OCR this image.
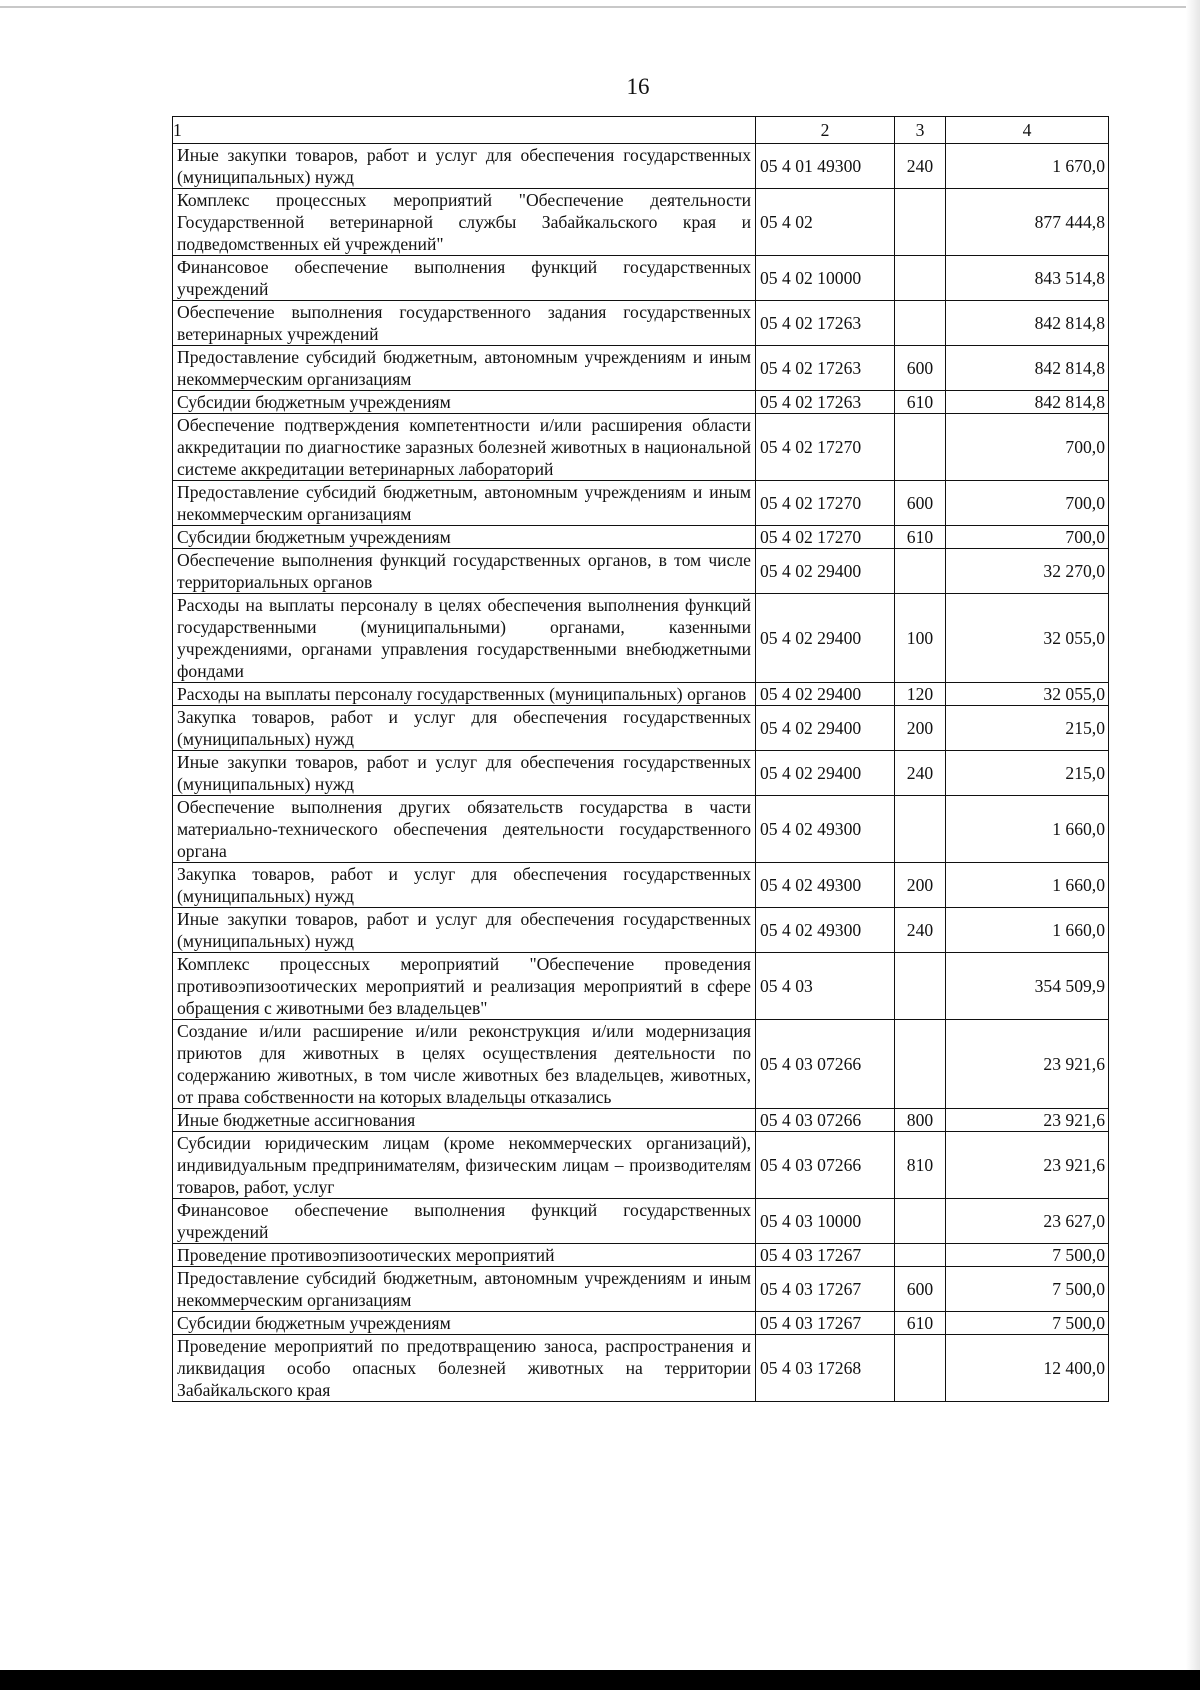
16
1	2	3	4
Иные закупки товаров, работ и услуг для обеспечения государственных (муниципальных) нужд	05 4 01 49300	240	1 670,0
Комплекс процессных мероприятий "Обеспечение деятельности Государственной ветеринарной службы Забайкальского края и подведомственных ей учреждений"	05 4 02		877 444,8
Финансовое обеспечение выполнения функций государственных учреждений	05 4 02 10000		843 514,8
Обеспечение выполнения государственного задания государственных ветеринарных учреждений	05 4 02 17263		842 814,8
Предоставление субсидий бюджетным, автономным учреждениям и иным некоммерческим организациям	05 4 02 17263	600	842 814,8
Субсидии бюджетным учреждениям	05 4 02 17263	610	842 814,8
Обеспечение подтверждения компетентности и/или расширения области аккредитации по диагностике заразных болезней животных в национальной системе аккредитации ветеринарных лабораторий	05 4 02 17270		700,0
Предоставление субсидий бюджетным, автономным учреждениям и иным некоммерческим организациям	05 4 02 17270	600	700,0
Субсидии бюджетным учреждениям	05 4 02 17270	610	700,0
Обеспечение выполнения функций государственных органов, в том числе территориальных органов	05 4 02 29400		32 270,0
Расходы на выплаты персоналу в целях обеспечения выполнения функций государственными (муниципальными) органами, казенными учреждениями, органами управления государственными внебюджетными фондами	05 4 02 29400	100	32 055,0
Расходы на выплаты персоналу государственных (муниципальных) органов	05 4 02 29400	120	32 055,0
Закупка товаров, работ и услуг для обеспечения государственных (муниципальных) нужд	05 4 02 29400	200	215,0
Иные закупки товаров, работ и услуг для обеспечения государственных (муниципальных) нужд	05 4 02 29400	240	215,0
Обеспечение выполнения других обязательств государства в части материально-технического обеспечения деятельности государственного органа	05 4 02 49300		1 660,0
Закупка товаров, работ и услуг для обеспечения государственных (муниципальных) нужд	05 4 02 49300	200	1 660,0
Иные закупки товаров, работ и услуг для обеспечения государственных (муниципальных) нужд	05 4 02 49300	240	1 660,0
Комплекс процессных мероприятий "Обеспечение проведения противоэпизоотических мероприятий и реализация мероприятий в сфере обращения с животными без владельцев"	05 4 03		354 509,9
Создание и/или расширение и/или реконструкция и/или модернизация приютов для животных в целях осуществления деятельности по содержанию животных, в том числе животных без владельцев, животных, от права собственности на которых владельцы отказались	05 4 03 07266		23 921,6
Иные бюджетные ассигнования	05 4 03 07266	800	23 921,6
Субсидии юридическим лицам (кроме некоммерческих организаций), индивидуальным предпринимателям, физическим лицам – производителям товаров, работ, услуг	05 4 03 07266	810	23 921,6
Финансовое обеспечение выполнения функций государственных учреждений	05 4 03 10000		23 627,0
Проведение противоэпизоотических мероприятий	05 4 03 17267		7 500,0
Предоставление субсидий бюджетным, автономным учреждениям и иным некоммерческим организациям	05 4 03 17267	600	7 500,0
Субсидии бюджетным учреждениям	05 4 03 17267	610	7 500,0
Проведение мероприятий по предотвращению заноса, распространения и ликвидация особо опасных болезней животных на территории Забайкальского края	05 4 03 17268		12 400,0
